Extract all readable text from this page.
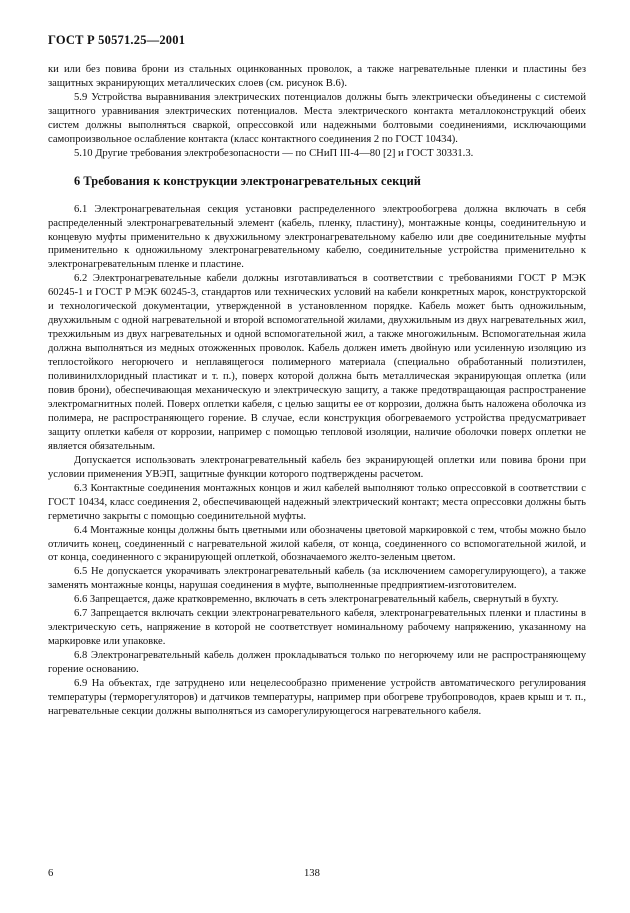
ГОСТ Р 50571.25—2001

ки или без повива брони из стальных оцинкованных проволок, а также нагревательные пленки и пластины без защитных экранирующих металлических слоев (см. рисунок В.6).

5.9 Устройства выравнивания электрических потенциалов должны быть электрически объединены с системой защитного уравнивания электрических потенциалов. Места электрического контакта металлоконструкций обеих систем должны выполняться сваркой, опрессовкой или надежными болтовыми соединениями, исключающими самопроизвольное ослабление контакта (класс контактного соединения 2 по ГОСТ 10434).

5.10 Другие требования электробезопасности — по СНиП III-4—80 [2] и ГОСТ 30331.3.

6 Требования к конструкции электронагревательных секций

6.1 Электронагревательная секция установки распределенного электрообогрева должна включать в себя распределенный электронагревательный элемент (кабель, пленку, пластину), монтажные концы, соединительную и концевую муфты применительно к двухжильному электронагревательному кабелю или две соединительные муфты применительно к одножильному электронагревательному кабелю, соединительные устройства применительно к электронагревательным пленке и пластине.

6.2 Электронагревательные кабели должны изготавливаться в соответствии с требованиями ГОСТ Р МЭК 60245-1 и ГОСТ Р МЭК 60245-3, стандартов или технических условий на кабели конкретных марок, конструкторской и технологической документации, утвержденной в установленном порядке. Кабель может быть одножильным, двухжильным с одной нагревательной и второй вспомогательной жилами, двухжильным из двух нагревательных жил, трехжильным из двух нагревательных и одной вспомогательной жил, а также многожильным. Вспомогательная жила должна выполняться из медных отожженных проволок. Кабель должен иметь двойную или усиленную изоляцию из теплостойкого негорючего и неплавящегося полимерного материала (специально обработанный полиэтилен, поливинилхлоридный пластикат и т. п.), поверх которой должна быть металлическая экранирующая оплетка (или повив брони), обеспечивающая механическую и электрическую защиту, а также предотвращающая распространение электромагнитных полей. Поверх оплетки кабеля, с целью защиты ее от коррозии, должна быть наложена оболочка из полимера, не распространяющего горение. В случае, если конструкция обогреваемого устройства предусматривает защиту оплетки кабеля от коррозии, например с помощью тепловой изоляции, наличие оболочки поверх оплетки не является обязательным.

Допускается использовать электронагревательный кабель без экранирующей оплетки или повива брони при условии применения УВЭП, защитные функции которого подтверждены расчетом.

6.3 Контактные соединения монтажных концов и жил кабелей выполняют только опрессовкой в соответствии с ГОСТ 10434, класс соединения 2, обеспечивающей надежный электрический контакт; места опрессовки должны быть герметично закрыты с помощью соединительной муфты.

6.4 Монтажные концы должны быть цветными или обозначены цветовой маркировкой с тем, чтобы можно было отличить конец, соединенный с нагревательной жилой кабеля, от конца, соединенного со вспомогательной жилой, и от конца, соединенного с экранирующей оплеткой, обозначаемого желто-зеленым цветом.

6.5 Не допускается укорачивать электронагревательный кабель (за исключением саморегулирующего), а также заменять монтажные концы, нарушая соединения в муфте, выполненные предприятием-изготовителем.

6.6 Запрещается, даже кратковременно, включать в сеть электронагревательный кабель, свернутый в бухту.

6.7 Запрещается включать секции электронагревательного кабеля, электронагревательных пленки и пластины в электрическую сеть, напряжение в которой не соответствует номинальному рабочему напряжению, указанному на маркировке или упаковке.

6.8 Электронагревательный кабель должен прокладываться только по негорючему или не распространяющему горение основанию.

6.9 На объектах, где затруднено или нецелесообразно применение устройств автоматического регулирования температуры (терморегуляторов) и датчиков температуры, например при обогреве трубопроводов, краев крыш и т. п., нагревательные секции должны выполняться из саморегулирующегося нагревательного кабеля.

6	138
